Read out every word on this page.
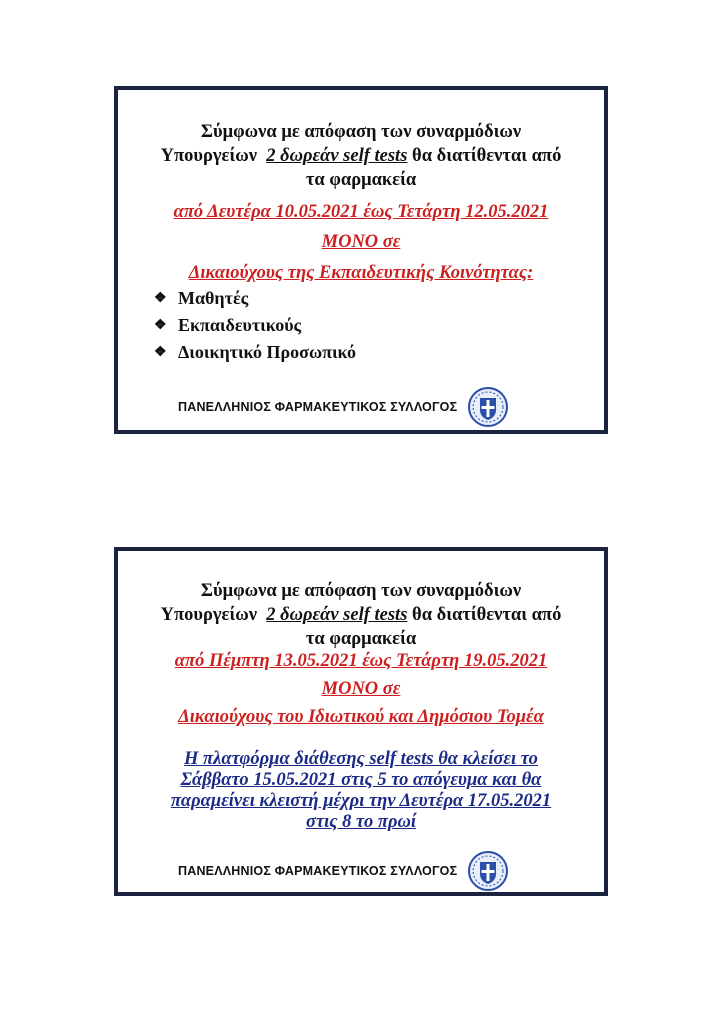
Σύμφωνα με απόφαση των συναρμόδιων
Υπουργείων 2 δωρεάν self tests θα διατίθενται από
τα φαρμακεία
από Δευτέρα 10.05.2021 έως Τετάρτη 12.05.2021
ΜΟΝΟ σε
Δικαιούχους της Εκπαιδευτικής Κοινότητας:
❖ Μαθητές
❖ Εκπαιδευτικούς
❖ Διοικητικό Προσωπικό
ΠΑΝΕΛΛΗΝΙΟΣ ΦΑΡΜΑΚΕΥΤΙΚΟΣ ΣΥΛΛΟΓΟΣ
Σύμφωνα με απόφαση των συναρμόδιων
Υπουργείων 2 δωρεάν self tests θα διατίθενται από
τα φαρμακεία
από Πέμπτη 13.05.2021 έως Τετάρτη 19.05.2021
ΜΟΝΟ σε
Δικαιούχους του Ιδιωτικού και Δημόσιου Τομέα
Η πλατφόρμα διάθεσης self tests θα κλείσει το
Σάββατο 15.05.2021 στις 5 το απόγευμα και θα
παραμείνει κλειστή μέχρι την Δευτέρα 17.05.2021
στις 8 το πρωί
ΠΑΝΕΛΛΗΝΙΟΣ ΦΑΡΜΑΚΕΥΤΙΚΟΣ ΣΥΛΛΟΓΟΣ
